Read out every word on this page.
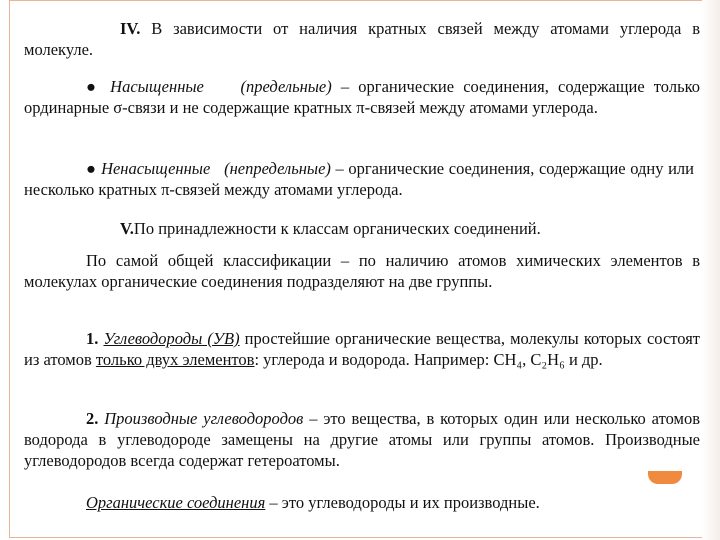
IV. В зависимости от наличия кратных связей между атомами углерода в молекуле.

● Насыщенные (предельные) – органические соединения, содержащие только ординарные σ-связи и не содержащие кратных π-связей между атомами углерода.

● Ненасыщенные (непредельные) – органические соединения, содержащие одну или несколько кратных π-связей между атомами углерода.

V.По принадлежности к классам органических соединений.

По самой общей классификации – по наличию атомов химических элементов в молекулах органические соединения подразделяют на две группы.

1. Углеводороды (УВ) простейшие органические вещества, молекулы которых состоят из атомов только двух элементов: углерода и водорода. Например: СН₄, С₂Н₆ и др.

2. Производные углеводородов – это вещества, в которых один или несколько атомов водорода в углеводороде замещены на другие атомы или группы атомов. Производные углеводородов всегда содержат гетероатомы.

Органические соединения – это углеводороды и их производные.
